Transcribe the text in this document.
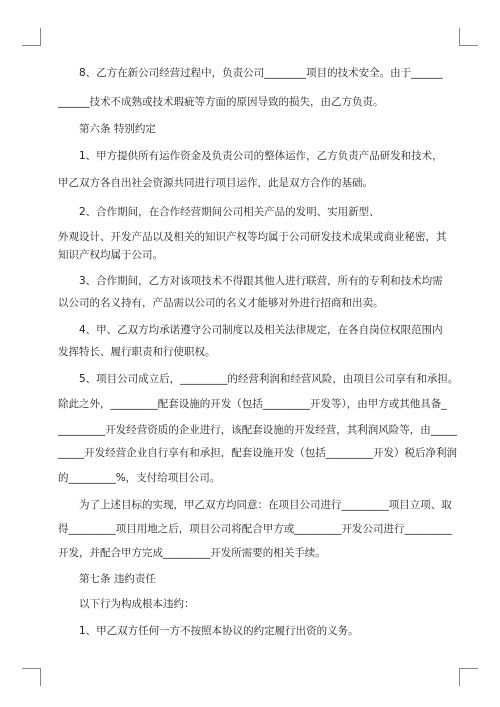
　　8、乙方在新公司经营过程中，负责公司________项目的技术安全。由于______
______技术不成熟或技术瑕疵等方面的原因导致的损失，由乙方负责。
　　第六条 特别约定
　　1、甲方提供所有运作资金及负责公司的整体运作，乙方负责产品研发和技术，
甲乙双方各自出社会资源共同进行项目运作，此是双方合作的基础。
　　2、合作期间，在合作经营期间公司相关产品的发明、实用新型、
外观设计、开发产品以及相关的知识产权等均属于公司研发技术成果或商业秘密，其
知识产权均属于公司。
　　3、合作期间，乙方对该项技术不得跟其他人进行联营，所有的专利和技术均需
以公司的名义持有，产品需以公司的名义才能够对外进行招商和出卖。
　　4、甲、乙双方均承诺遵守公司制度以及相关法律规定，在各自岗位权限范围内
发挥特长、履行职责和行使职权。
　　5、项目公司成立后，_________的经营利润和经营风险，由项目公司享有和承担。
除此之外，_________配套设施的开发（包括_________开发等），由甲方或其他具备_
_________开发经营资质的企业进行，该配套设施的开发经营，其利润风险等，由_____
_____开发经营企业自行享有和承担，配套设施开发（包括_________开发）税后净利润
的_________%，支付给项目公司。
　　为了上述目标的实现，甲乙双方均同意：在项目公司进行_________项目立项、取
得_________项目用地之后，项目公司将配合甲方或_________开发公司进行_________
开发，并配合甲方完成_________开发所需要的相关手续。
　　第七条 违约责任
　　以下行为构成根本违约：
　　1、甲乙双方任何一方不按照本协议的约定履行出资的义务。
